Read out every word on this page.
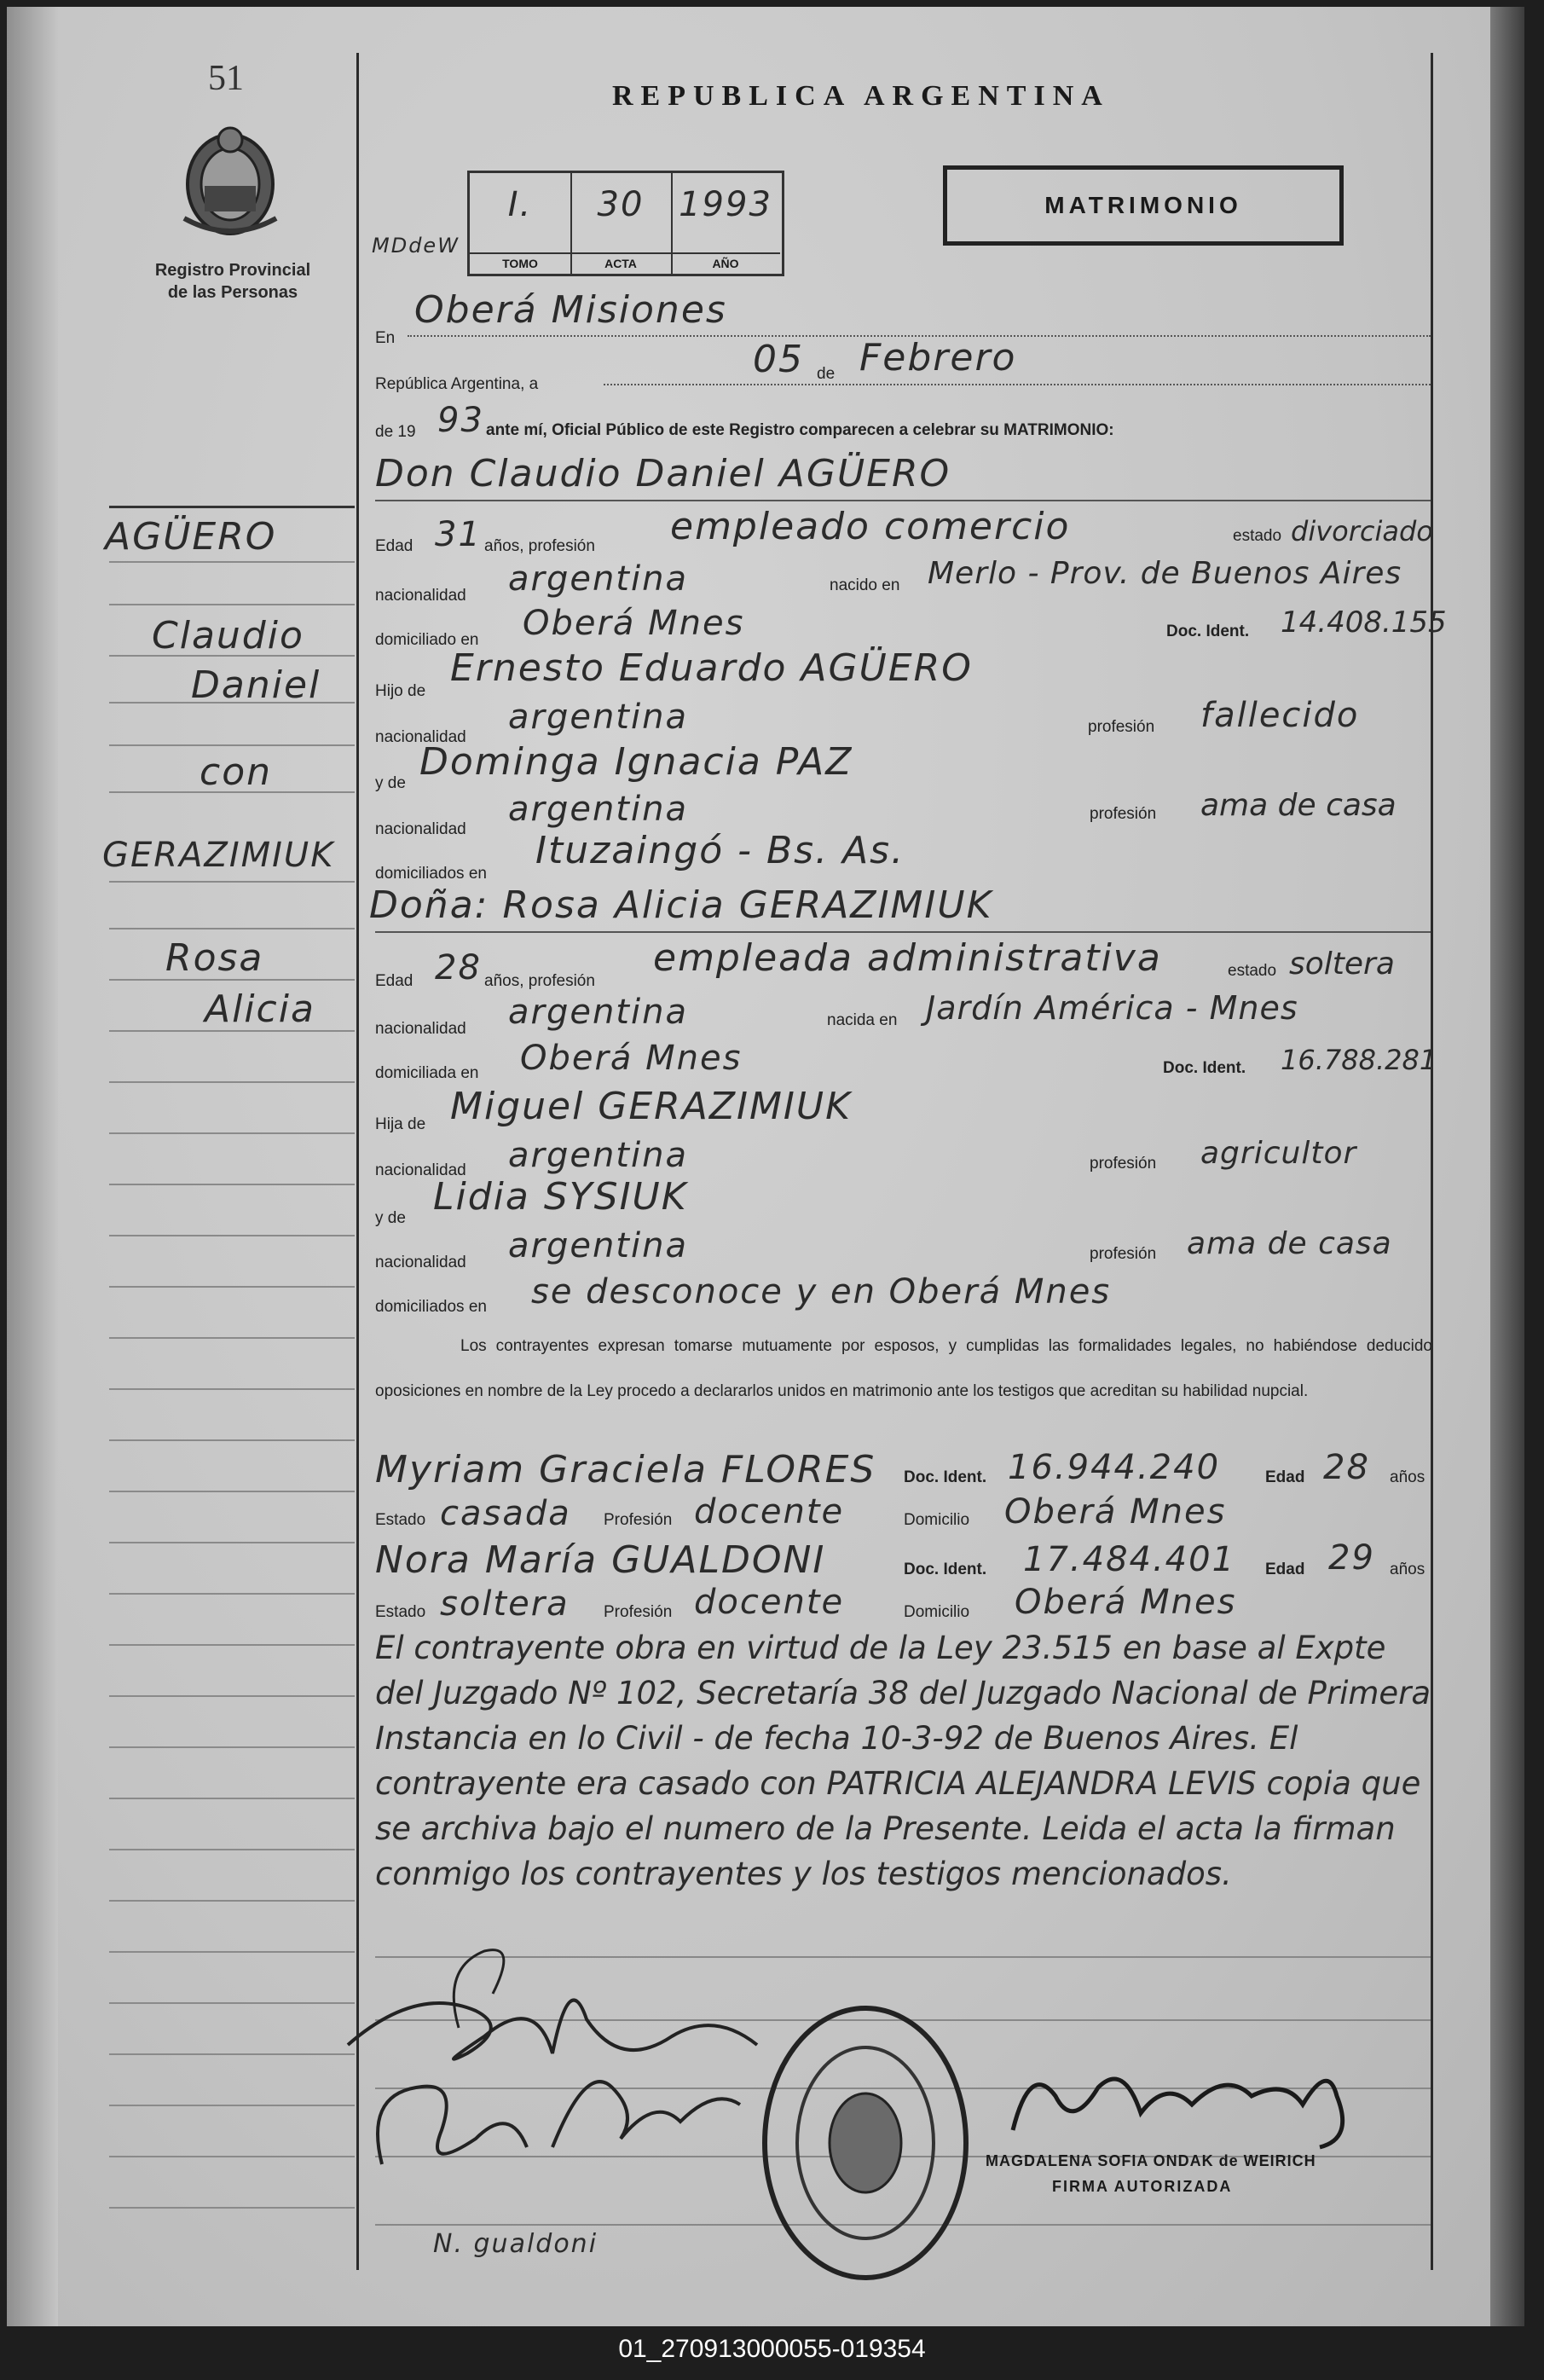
51	REPUBLICA ARGENTINA
MATRIMONIO
Registro Provincial
de las Personas
MDdeW
I.
TOMO
30
ACTA
1993
AÑO
En
Oberá Misiones
República Argentina, a
05 de Febrero
de 19 93 ante mí, Oficial Público de este Registro comparecen a celebrar su MATRIMONIO:
Don Claudio Daniel AGÜERO
Edad 31 años, profesión empleado comercio	estado divorciado
nacionalidad argentina	nacido en Merlo - Prov. de Buenos Aires
domiciliado en Oberá Mnes	Doc. Ident. 14.408.155
Hijo de
Ernesto Eduardo AGÜERO
nacionalidad
argentina	profesión fallecido
y de Dominga Ignacia PAZ
nacionalidad
argentina	profesión ama de casa
domiciliados en
Ituzaingó - Bs. As.
Doña: Rosa Alicia GERAZIMIUK
Edad 28 años, profesión
empleada administrativa	estado soltera
nacionalidad argentina	nacida en Jardín América - Mnes
domiciliada en Oberá Mnes	Doc. Ident. 16.788.281
Hija de Miguel GERAZIMIUK
nacionalidad argentina	profesión agricultor
y de Lidia SYSIUK
nacionalidad argentina	profesión ama de casa
domiciliados en se desconoce y en Oberá Mnes
Los contrayentes expresan tomarse mutuamente por esposos, y cumplidas las formalidades legales, no habiéndose deducido oposiciones en nombre de la Ley procedo a declararlos unidos en matrimonio ante los testigos que acreditan su habilidad nupcial.
Myriam Graciela FLORES Doc. Ident. 16.944.240	Edad 28 años
Estado casada Profesión docente	Domicilio Oberá Mnes
Nora María GUALDONI	Doc. Ident. 17.484.401 Edad 29 años
Estado soltera Profesión docente	Domicilio Oberá Mnes
El contrayente obra en virtud de la Ley 23.515 en base al Expte del Juzgado Nº 102, Secretaría 38 del Juzgado Nacional de Primera Instancia en lo Civil - de fecha 10-3-92 de Buenos Aires. El contrayente era casado con PATRICIA ALEJANDRA LEVIS copia que se archiva bajo el numero de la Presente. Leida el acta la firman conmigo los contrayentes y los testigos mencionados.
AGÜERO
Claudio
Daniel
con
GERAZIMIUK
Rosa
Alicia
N. gualdoni
MAGDALENA SOFIA ONDAK de WEIRICH
FIRMA AUTORIZADA
01_270913000055-019354
